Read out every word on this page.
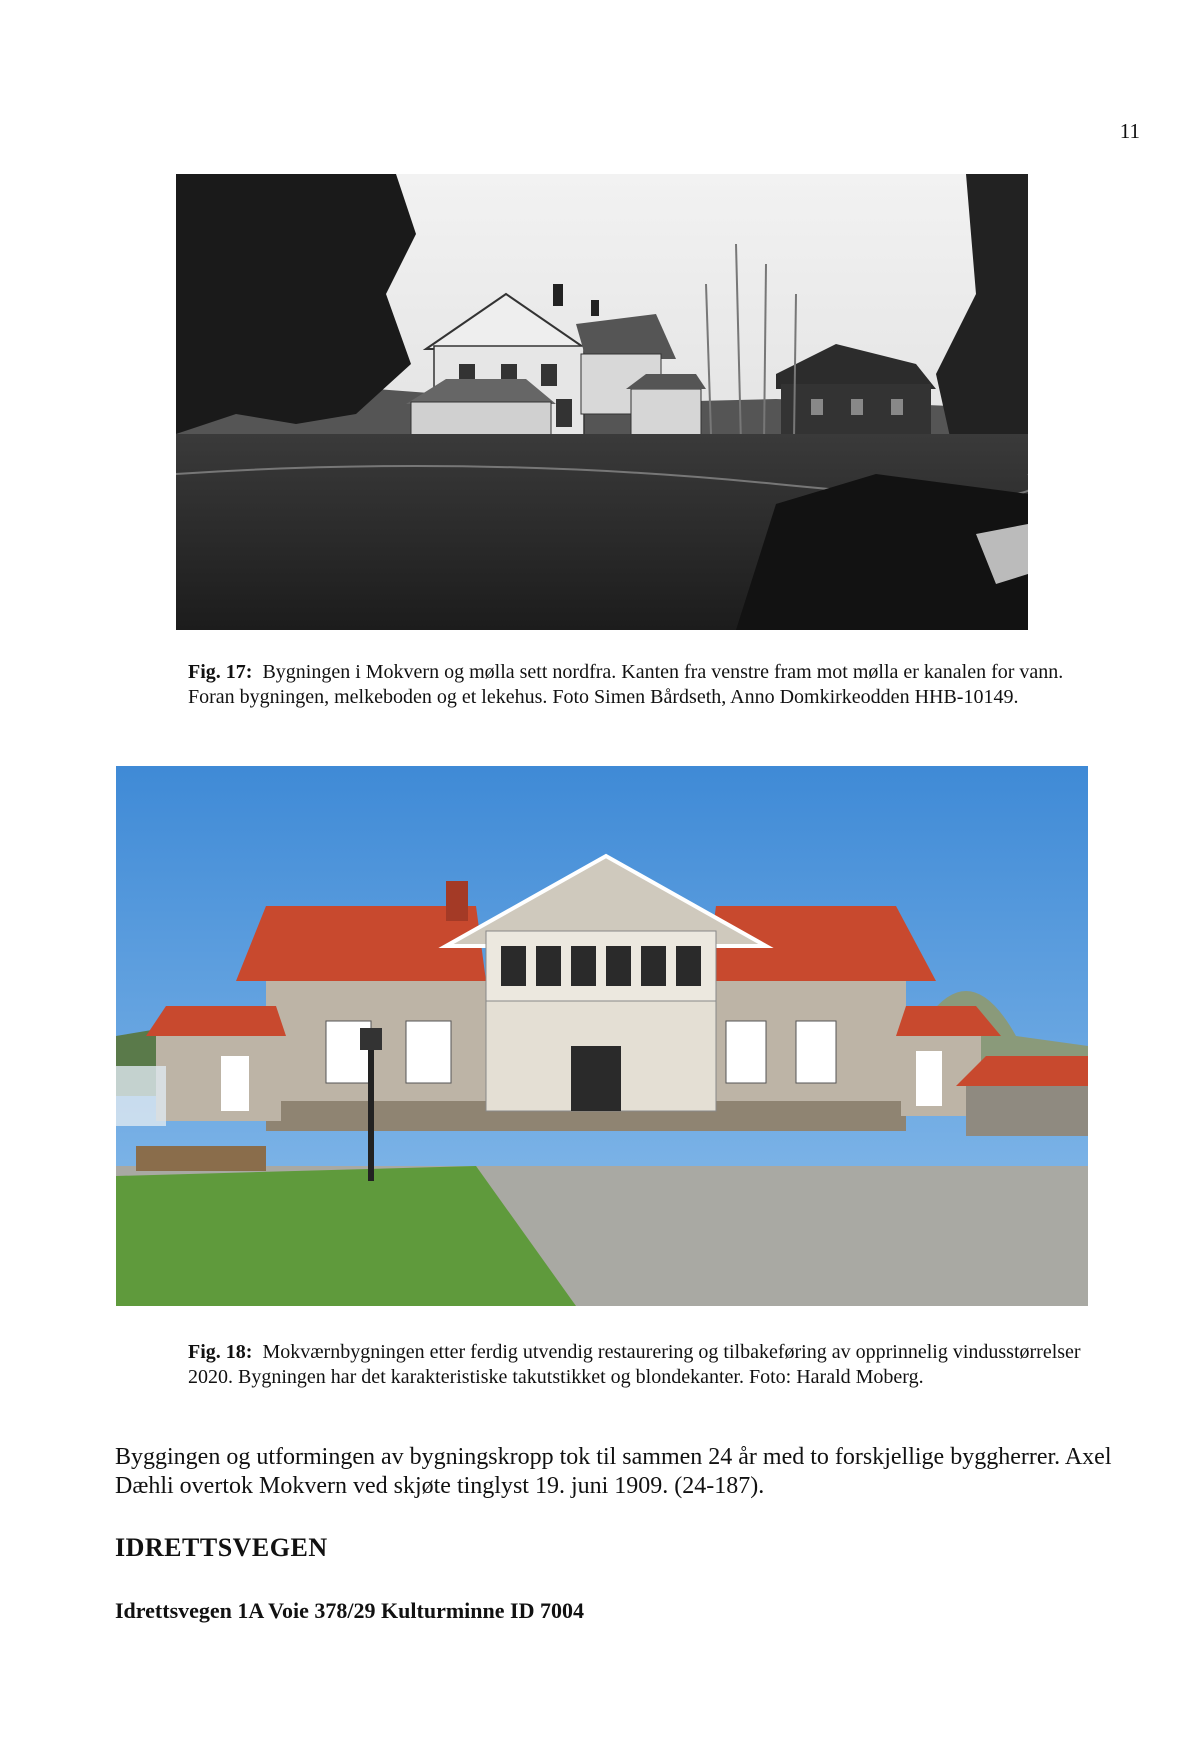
11
Fig. 17: Bygningen i Mokvern og mølla sett nordfra. Kanten fra venstre fram mot mølla er kanalen for vann. Foran bygningen, melkeboden og et lekehus. Foto Simen Bårdseth, Anno Domkirkeodden HHB-10149.
Fig. 18: Mokværnbygningen etter ferdig utvendig restaurering og tilbakeføring av opprinnelig vindusstørrelser 2020. Bygningen har det karakteristiske takutstikket og blondekanter. Foto: Harald Moberg.
Byggingen og utformingen av bygningskropp tok til sammen 24 år med to forskjellige byggherrer. Axel Dæhli overtok Mokvern ved skjøte tinglyst 19. juni 1909. (24-187).
IDRETTSVEGEN
Idrettsvegen 1A Voie 378/29 Kulturminne ID 7004
